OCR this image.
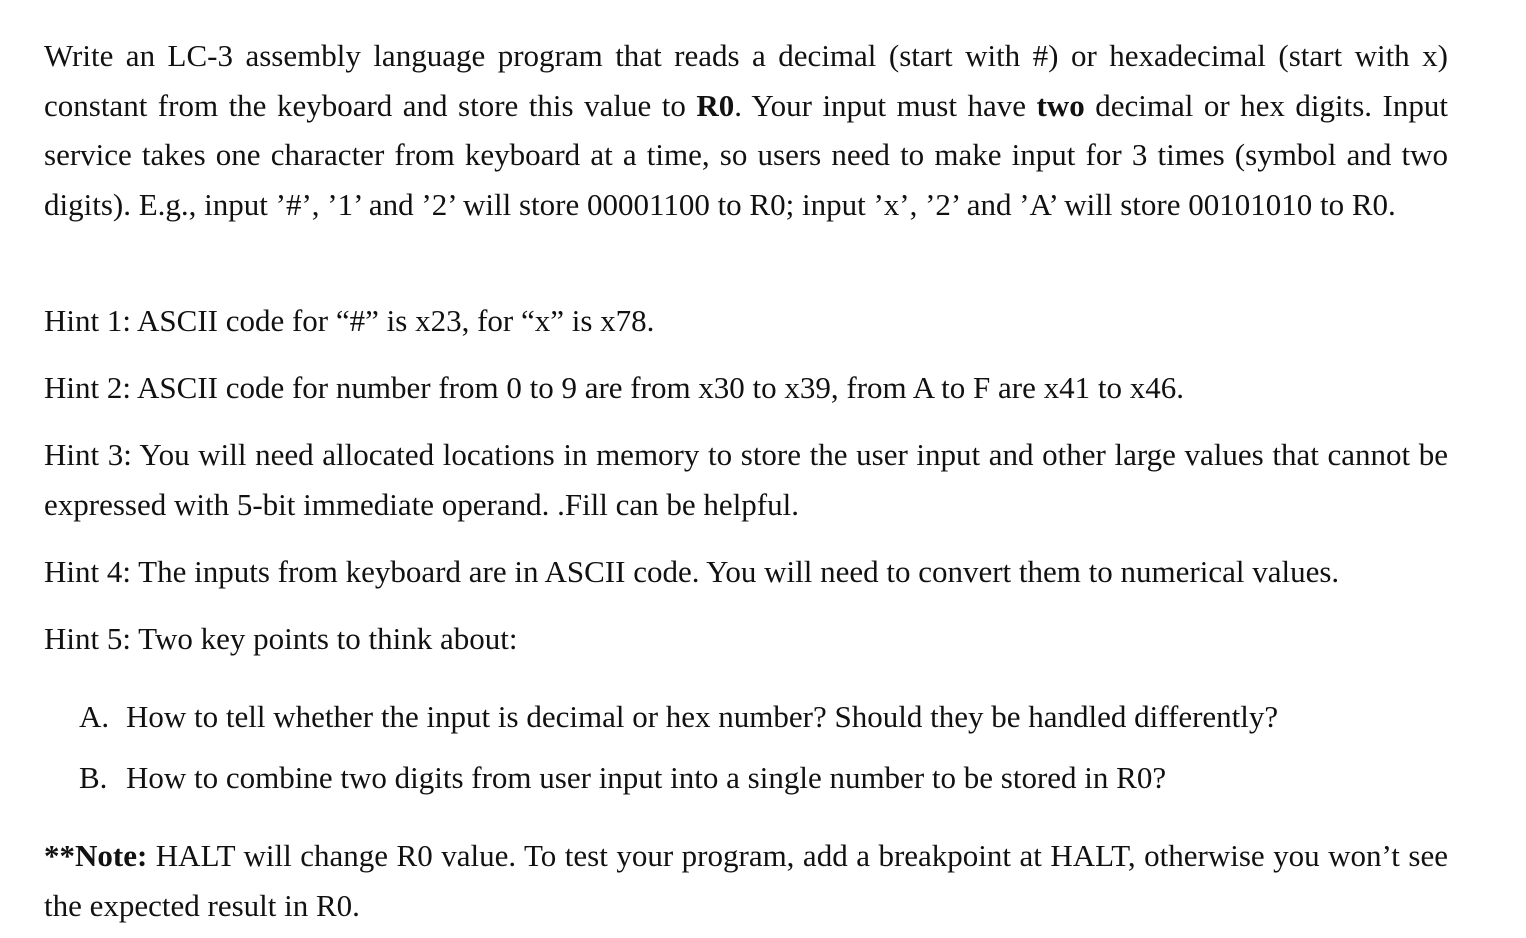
Write an LC-3 assembly language program that reads a decimal (start with #) or hexadecimal (start with x) constant from the keyboard and store this value to R0. Your input must have two decimal or hex digits. Input service takes one character from keyboard at a time, so users need to make input for 3 times (symbol and two digits). E.g., input ’#’, ’1’ and ’2’ will store 00001100 to R0; input ’x’, ’2’ and ’A’ will store 00101010 to R0.

Hint 1: ASCII code for “#” is x23, for “x” is x78.

Hint 2: ASCII code for number from 0 to 9 are from x30 to x39, from A to F are x41 to x46.

Hint 3: You will need allocated locations in memory to store the user input and other large values that cannot be expressed with 5-bit immediate operand. .Fill can be helpful.

Hint 4: The inputs from keyboard are in ASCII code. You will need to convert them to numerical values.

Hint 5: Two key points to think about:

A. How to tell whether the input is decimal or hex number? Should they be handled differently?

B. How to combine two digits from user input into a single number to be stored in R0?

**Note: HALT will change R0 value. To test your program, add a breakpoint at HALT, otherwise you won’t see the expected result in R0.
